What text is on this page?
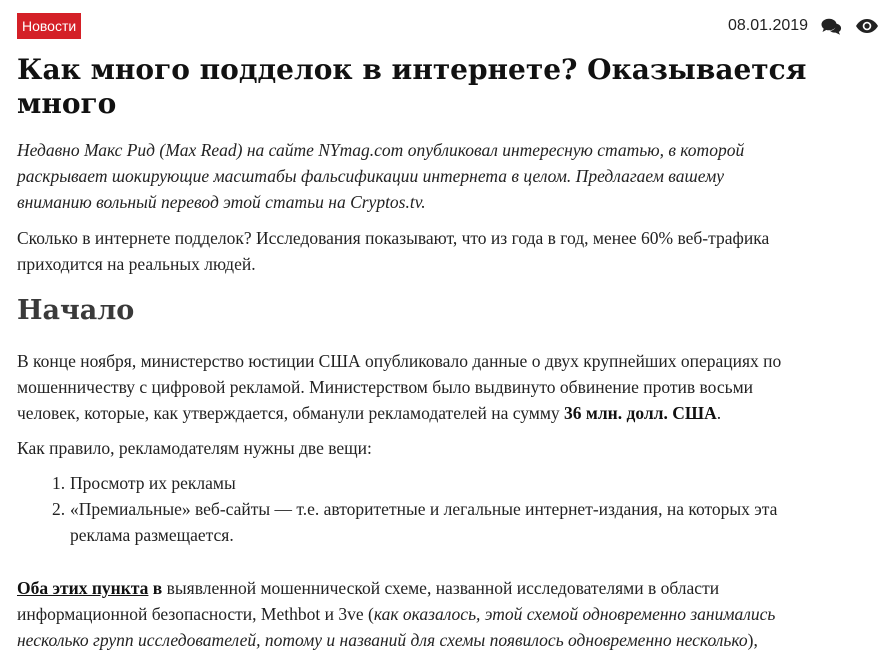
Новости	08.01.2019
Как много подделок в интернете? Оказывается
много

Недавно Макс Рид (Max Read) на сайте NYmag.com опубликовал интересную статью, в которой
раскрывает шокирующие масштабы фальсификации интернета в целом. Предлагаем вашему
вниманию вольный перевод этой статьи на Cryptos.tv.

Сколько в интернете подделок? Исследования показывают, что из года в год, менее 60% веб-трафика
приходится на реальных людей.

Начало

В конце ноября, министерство юстиции США опубликовало данные о двух крупнейших операциях по
мошенничеству с цифровой рекламой. Министерством было выдвинуто обвинение против восьми
человек, которые, как утверждается, обманули рекламодателей на сумму 36 млн. долл. США.

Как правило, рекламодателям нужны две вещи:

1. Просмотр их рекламы
2. «Премиальные» веб-сайты — т.е. авторитетные и легальные интернет-издания, на которых эта
реклама размещается.

Оба этих пункта в выявленной мошеннической схеме, названной исследователями в области
информационной безопасности, Methbot и 3ve (как оказалось, этой схемой одновременно занимались
несколько групп исследователей, потому и названий для схемы появилось одновременно несколько),
